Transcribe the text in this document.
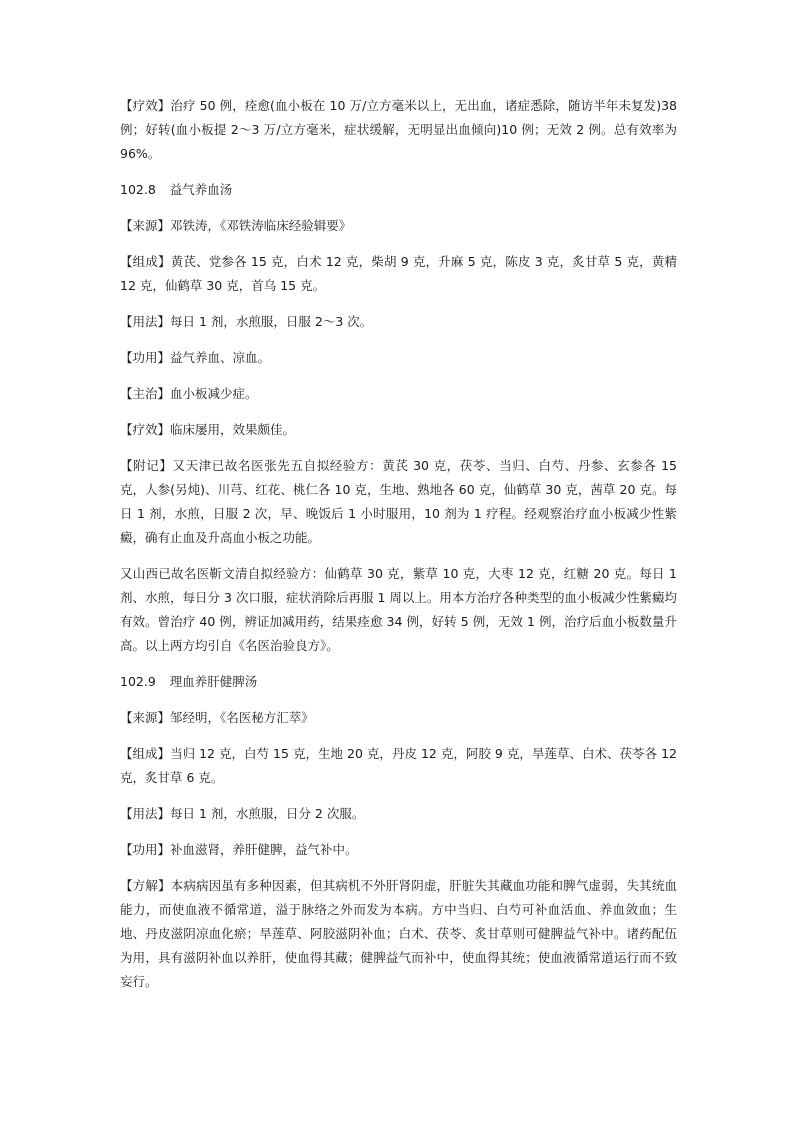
【疗效】治疗 50 例，痊愈(血小板在 10 万/立方毫米以上，无出血，诸症悉除，随访半年未复发)38 例；好转(血小板提 2～3 万/立方毫米，症状缓解，无明显出血倾向)10 例；无效 2 例。总有效率为 96%。

102.8 益气养血汤

【来源】邓铁涛，《邓铁涛临床经验辑要》

【组成】黄芪、党参各 15 克，白术 12 克，柴胡 9 克，升麻 5 克，陈皮 3 克，炙甘草 5 克，黄精 12 克，仙鹤草 30 克，首乌 15 克。

【用法】每日 1 剂，水煎服，日服 2～3 次。

【功用】益气养血、凉血。

【主治】血小板减少症。

【疗效】临床屡用，效果颇佳。

【附记】又天津已故名医张先五自拟经验方：黄芪 30 克，茯苓、当归、白芍、丹参、玄参各 15 克，人参(另炖)、川芎、红花、桃仁各 10 克，生地、熟地各 60 克，仙鹤草 30 克，茜草 20 克。每日 1 剂，水煎，日服 2 次，早、晚饭后 1 小时服用，10 剂为 1 疗程。经观察治疗血小板减少性紫癜，确有止血及升高血小板之功能。

又山西已故名医靳文清自拟经验方：仙鹤草 30 克，紫草 10 克，大枣 12 克，红糖 20 克。每日 1 剂、水煎，每日分 3 次口服，症状消除后再服 1 周以上。用本方治疗各种类型的血小板减少性紫癜均有效。曾治疗 40 例，辨证加减用药，结果痊愈 34 例，好转 5 例，无效 1 例，治疗后血小板数量升高。以上两方均引自《名医治验良方》。

102.9 理血养肝健脾汤

【来源】邹经明，《名医秘方汇萃》

【组成】当归 12 克，白芍 15 克，生地 20 克，丹皮 12 克，阿胶 9 克，旱莲草、白术、茯苓各 12 克，炙甘草 6 克。

【用法】每日 1 剂，水煎服，日分 2 次服。

【功用】补血滋肾，养肝健脾，益气补中。

【方解】本病病因虽有多种因素，但其病机不外肝肾阴虚，肝脏失其藏血功能和脾气虚弱，失其统血能力，而使血液不循常道，溢于脉络之外而发为本病。方中当归、白芍可补血活血、养血敛血；生地、丹皮滋阴凉血化瘀；旱莲草、阿胶滋阴补血；白术、茯苓、炙甘草则可健脾益气补中。诸药配伍为用，具有滋阴补血以养肝，使血得其藏；健脾益气而补中，使血得其统；使血液循常道运行而不致妄行。
